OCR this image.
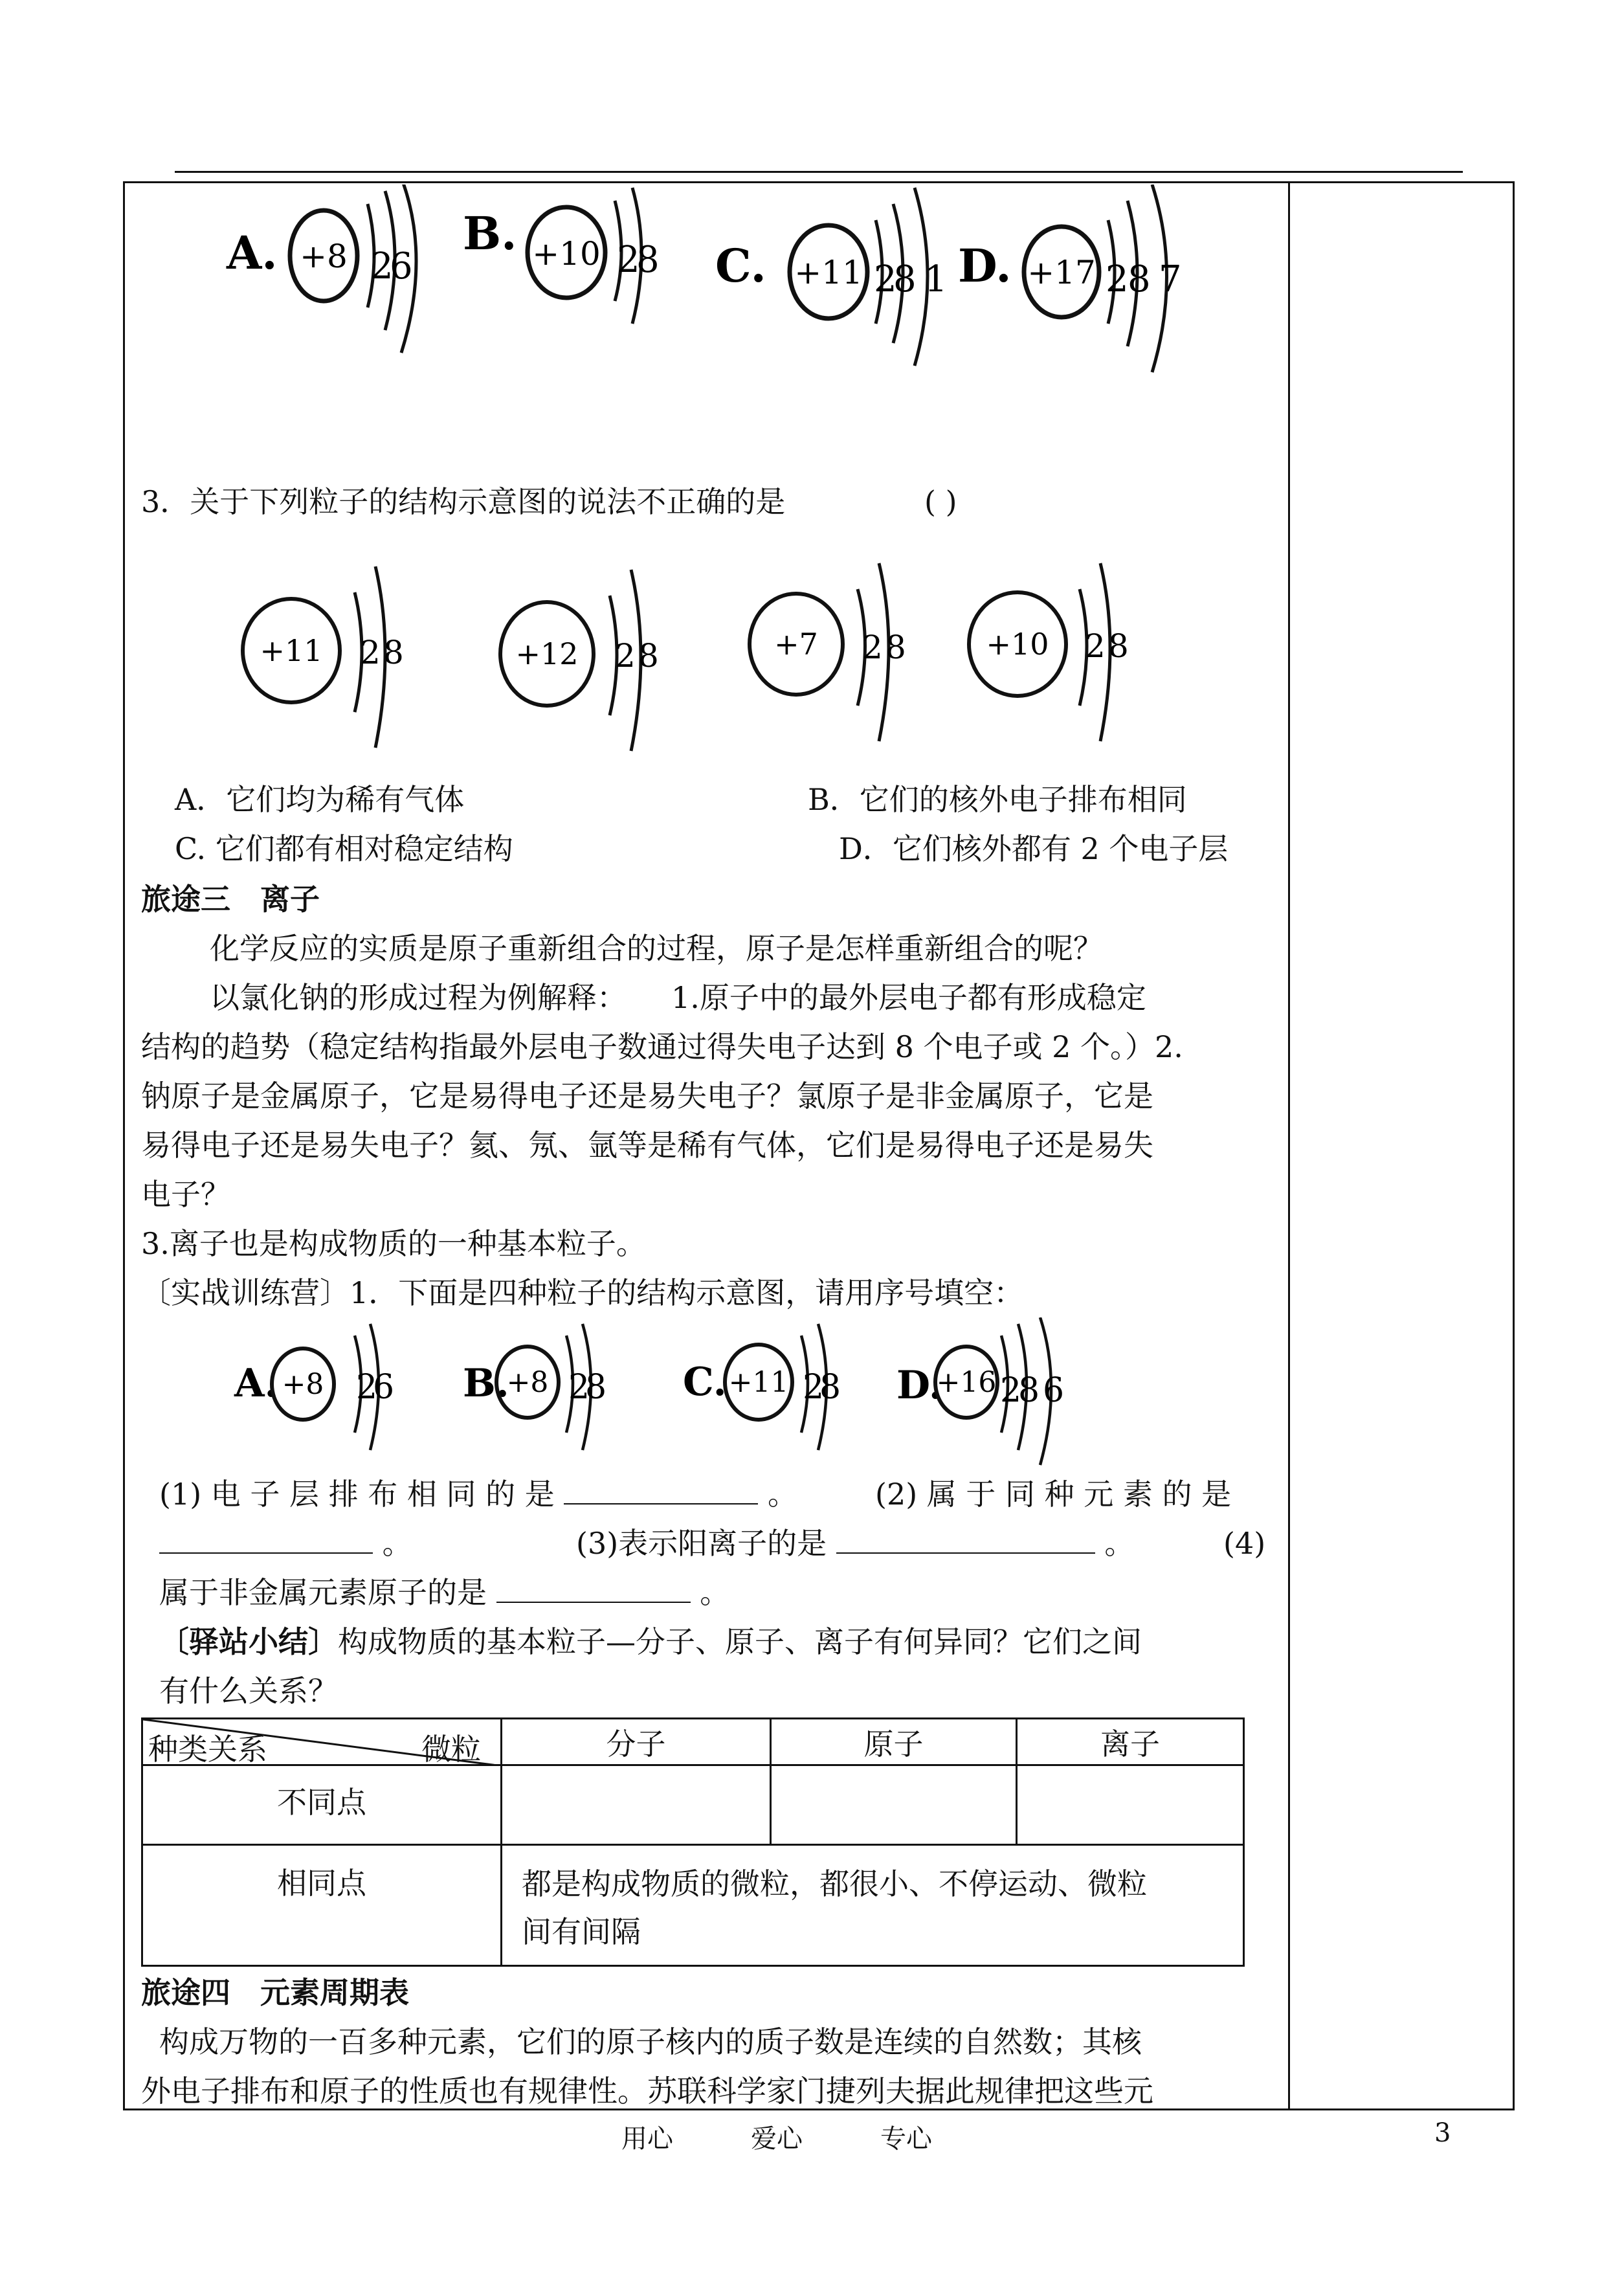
A. +8 2
6
B. +10 2
8 C. +11 2
8 1 D. +17 2
8 7
3．关于下列粒子的结构示意图的说法不正确的是	( )
+11 2 8	+12 2 8	+7 2 8	+10 2 8
A．它们均为稀有气体	B．它们的核外电子排布相同
C. 它们都有相对稳定结构	D．它们核外都有 2 个电子层
旅途三　离子
化学反应的实质是原子重新组合的过程，原子是怎样重新组合的呢？
以氯化钠的形成过程为例解释：　　1.原子中的最外层电子都有形成稳定
结构的趋势（稳定结构指最外层电子数通过得失电子达到 8 个电子或 2 个。）2.
钠原子是金属原子，它是易得电子还是易失电子？氯原子是非金属原子，它是
易得电子还是易失电子？氦、氖、氩等是稀有气体，它们是易得电子还是易失
电子？
3.离子也是构成物质的一种基本粒子。
〔实战训练营〕1．下面是四种粒子的结构示意图，请用序号填空：
A. +8 2
6 B.
+8 2
8 C. +11 2
8 D.
+16 2
8 6
(1) 电 子 层 排 布 相 同 的 是	。	(2) 属 于 同 种 元 素 的 是
。	(3)表示阳离子的是	。	(4)
属于非金属元素原子的是	。
〔驿站小结〕构成物质的基本粒子—分子、原子、离子有何异同？它们之间
有什么关系？
种类关系 微粒	分子	原子	离子
不同点			
相同点	都是构成物质的微粒，都很小、不停运动、微粒
间有间隔		
旅途四　元素周期表
构成万物的一百多种元素，它们的原子核内的质子数是连续的自然数；其核
外电子排布和原子的性质也有规律性。苏联科学家门捷列夫据此规律把这些元
用心　　　爱心　　　专心	3
